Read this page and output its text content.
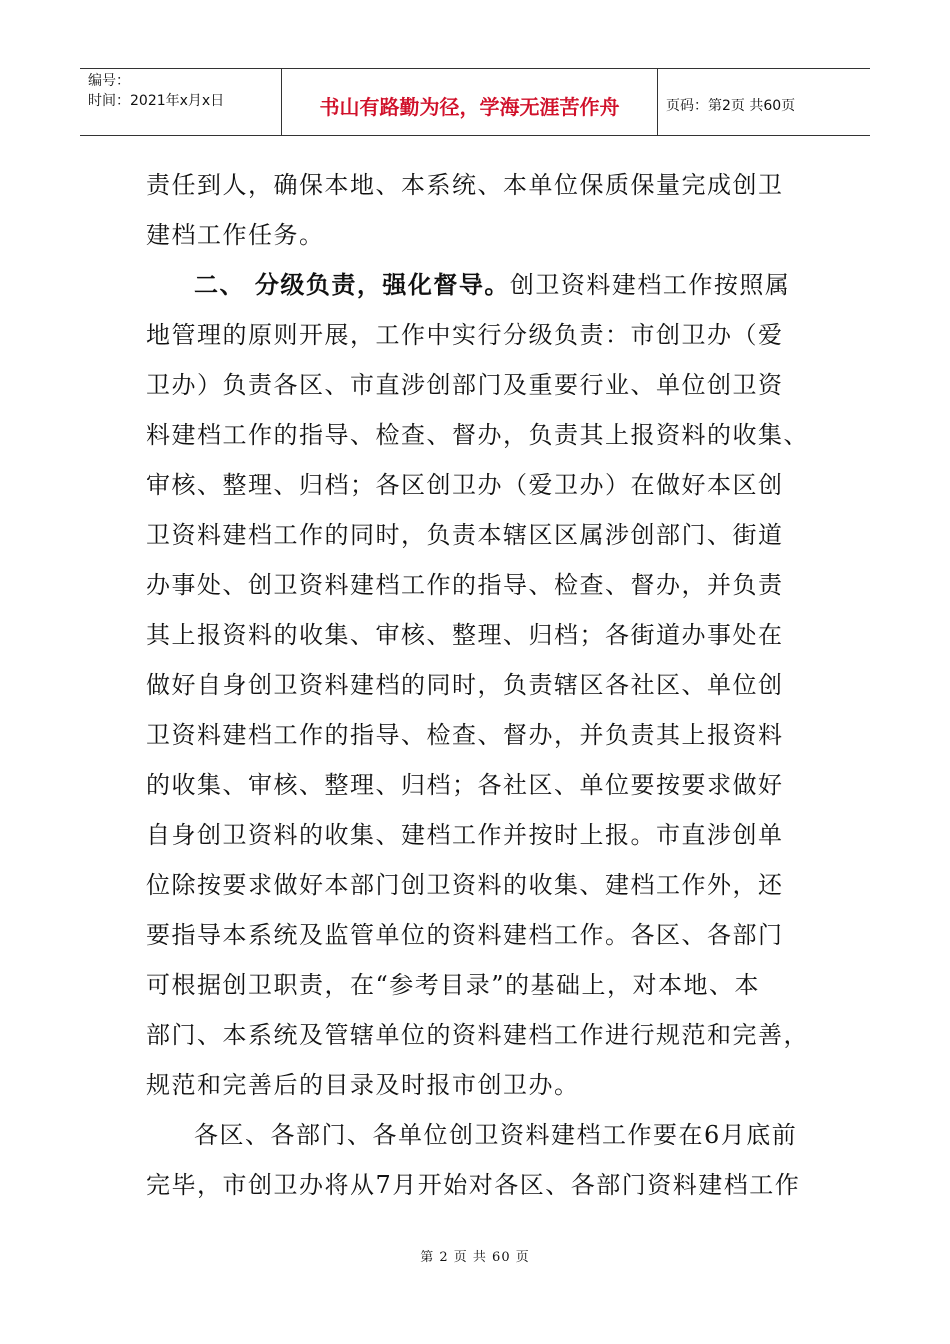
编号：
时间：2021年x月x日	书山有路勤为径，学海无涯苦作舟	页码：第2页 共60页
责任到人，确保本地、本系统、本单位保质保量完成创卫
建档工作任务。
二、 分级负责，强化督导。创卫资料建档工作按照属
地管理的原则开展，工作中实行分级负责：市创卫办（爱
卫办）负责各区、市直涉创部门及重要行业、单位创卫资
料建档工作的指导、检查、督办，负责其上报资料的收集、
审核、整理、归档；各区创卫办（爱卫办）在做好本区创
卫资料建档工作的同时，负责本辖区区属涉创部门、街道
办事处、创卫资料建档工作的指导、检查、督办，并负责
其上报资料的收集、审核、整理、归档；各街道办事处在
做好自身创卫资料建档的同时，负责辖区各社区、单位创
卫资料建档工作的指导、检查、督办，并负责其上报资料
的收集、审核、整理、归档；各社区、单位要按要求做好
自身创卫资料的收集、建档工作并按时上报。市直涉创单
位除按要求做好本部门创卫资料的收集、建档工作外，还
要指导本系统及监管单位的资料建档工作。各区、各部门
可根据创卫职责，在“参考目录”的基础上，对本地、本
部门、本系统及管辖单位的资料建档工作进行规范和完善，
规范和完善后的目录及时报市创卫办。
各区、各部门、各单位创卫资料建档工作要在6月底前
完毕，市创卫办将从7月开始对各区、各部门资料建档工作
第 2 页 共 60 页
